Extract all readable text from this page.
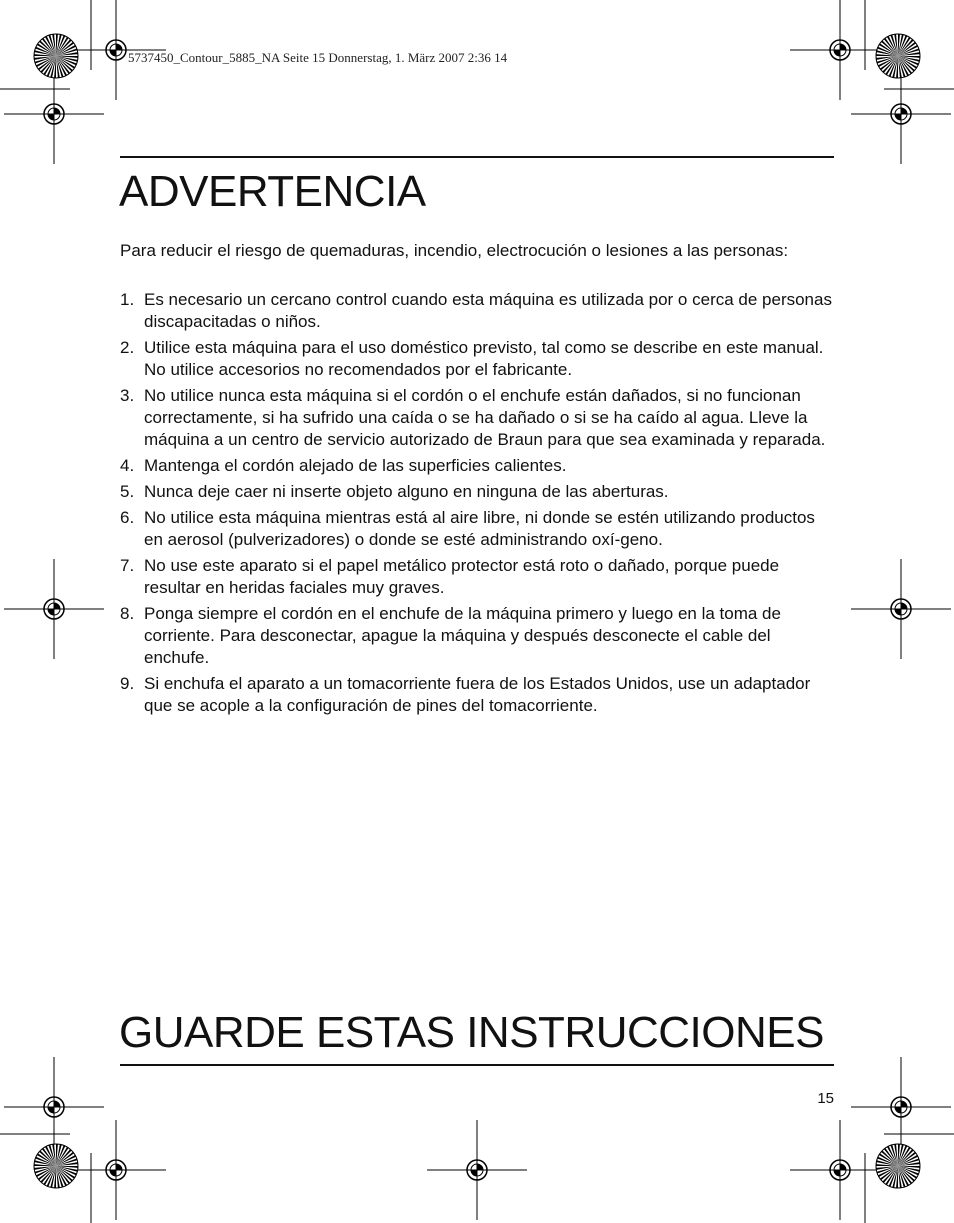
5737450_Contour_5885_NA Seite 15 Donnerstag, 1. März 2007 2:36 14
ADVERTENCIA
Para reducir el riesgo de quemaduras, incendio, electrocución o lesiones a las personas:
1. Es necesario un cercano control cuando esta máquina es utilizada por o cerca de personas discapacitadas o niños.
2. Utilice esta máquina para el uso doméstico previsto, tal como se describe en este manual.
No utilice accesorios no recomendados por el fabricante.
3. No utilice nunca esta máquina si el cordón o el enchufe están dañados, si no funcionan correctamente, si ha sufrido una caída o se ha dañado o si se ha caído al agua. Lleve la máquina a un centro de servicio autorizado de Braun para que sea examinada y reparada.
4. Mantenga el cordón alejado de las superficies calientes.
5. Nunca deje caer ni inserte objeto alguno en ninguna de las aberturas.
6. No utilice esta máquina mientras está al aire libre, ni donde se estén utilizando productos en aerosol (pulverizadores) o donde se esté administrando oxí-geno.
7. No use este aparato si el papel metálico protector está roto o dañado, porque puede resultar en heridas faciales muy graves.
8. Ponga siempre el cordón en el enchufe de la máquina primero y luego en la toma de corriente. Para desconectar, apague la máquina y después desconecte el cable del enchufe.
9. Si enchufa el aparato a un tomacorriente fuera de los Estados Unidos, use un adaptador que se acople a la configuración de pines del tomacorriente.
GUARDE ESTAS INSTRUCCIONES
15
